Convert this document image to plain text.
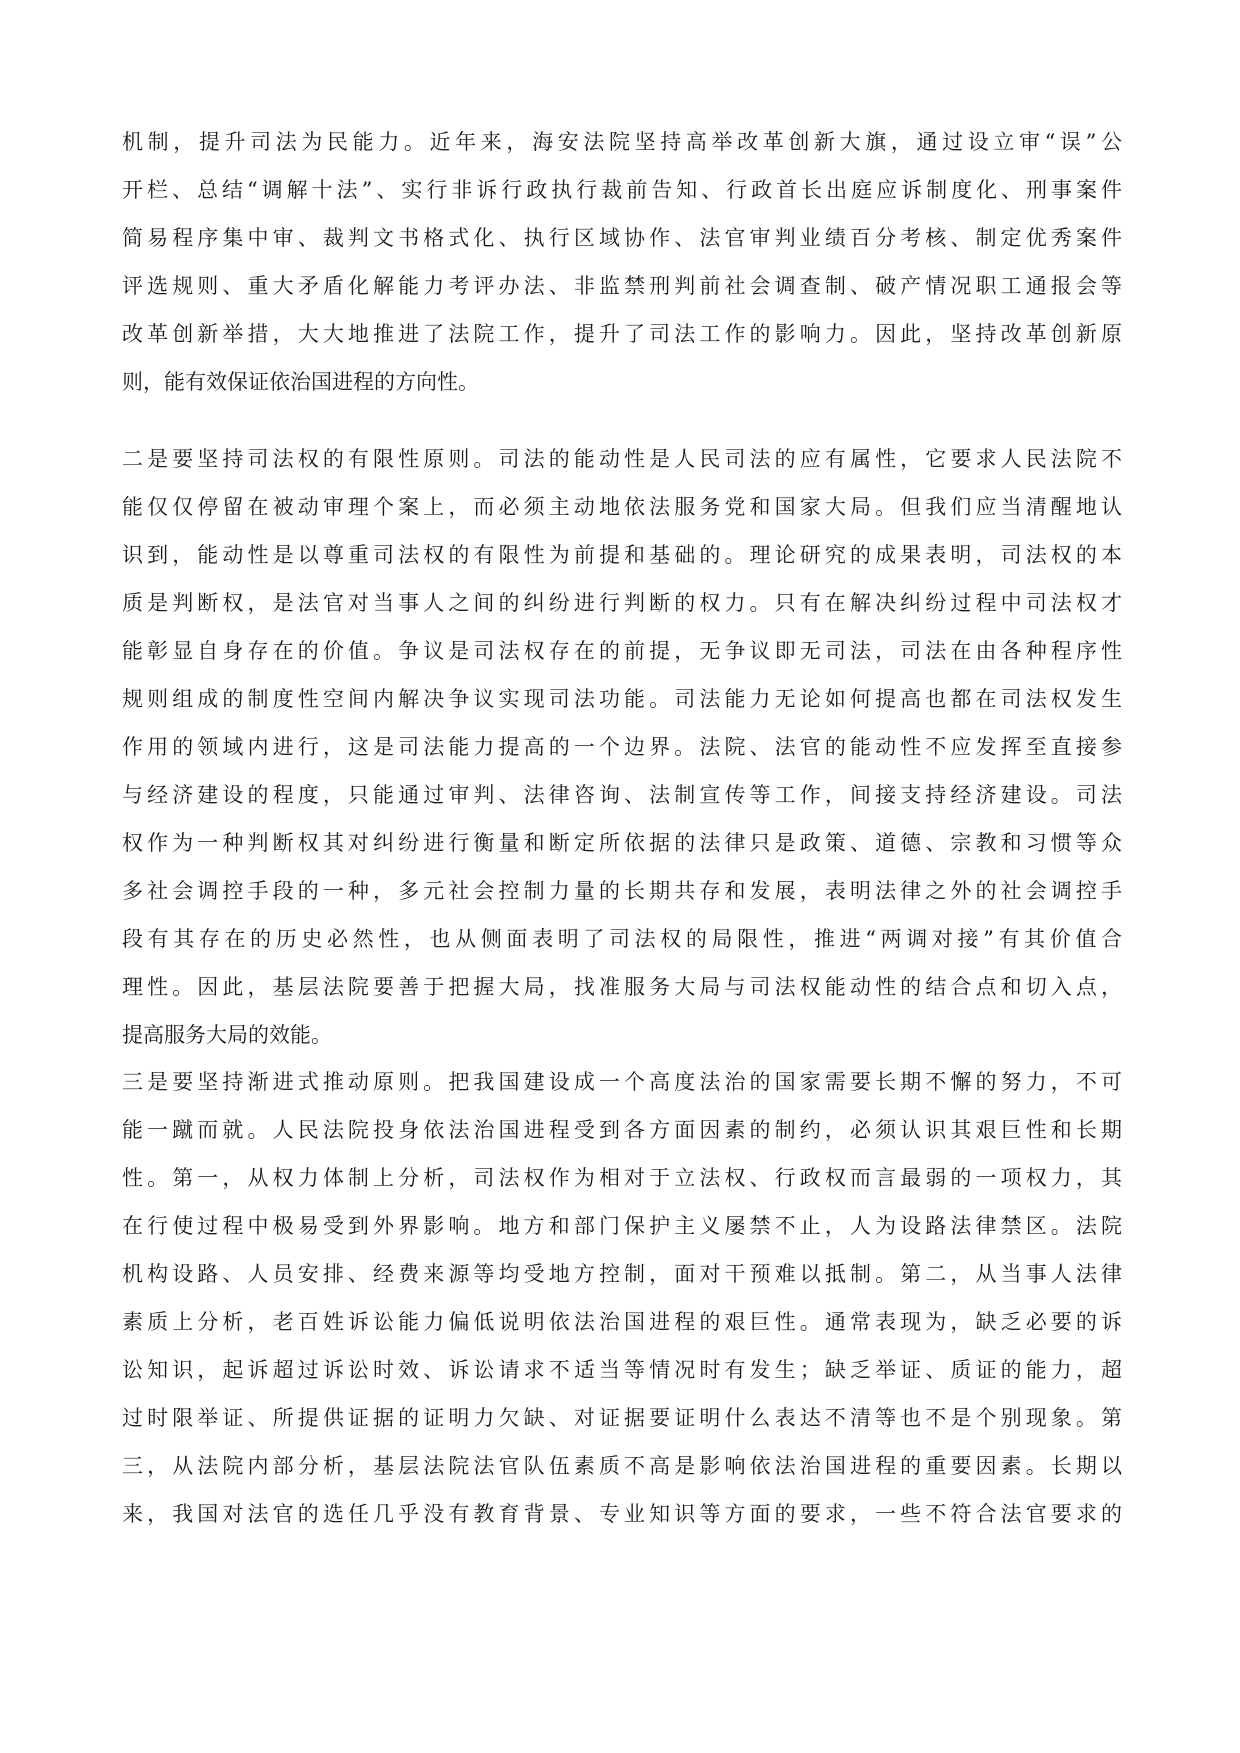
机制，提升司法为民能力。近年来，海安法院坚持高举改革创新大旗，通过设立审“误”公
开栏、总结“调解十法”、实行非诉行政执行裁前告知、行政首长出庭应诉制度化、刑事案件
简易程序集中审、裁判文书格式化、执行区域协作、法官审判业绩百分考核、制定优秀案件
评选规则、重大矛盾化解能力考评办法、非监禁刑判前社会调查制、破产情况职工通报会等
改革创新举措，大大地推进了法院工作，提升了司法工作的影响力。因此，坚持改革创新原
则，能有效保证依治国进程的方向性。
二是要坚持司法权的有限性原则。司法的能动性是人民司法的应有属性，它要求人民法院不
能仅仅停留在被动审理个案上，而必须主动地依法服务党和国家大局。但我们应当清醒地认
识到，能动性是以尊重司法权的有限性为前提和基础的。理论研究的成果表明，司法权的本
质是判断权，是法官对当事人之间的纠纷进行判断的权力。只有在解决纠纷过程中司法权才
能彰显自身存在的价值。争议是司法权存在的前提，无争议即无司法，司法在由各种程序性
规则组成的制度性空间内解决争议实现司法功能。司法能力无论如何提高也都在司法权发生
作用的领域内进行，这是司法能力提高的一个边界。法院、法官的能动性不应发挥至直接参
与经济建设的程度，只能通过审判、法律咨询、法制宣传等工作，间接支持经济建设。司法
权作为一种判断权其对纠纷进行衡量和断定所依据的法律只是政策、道德、宗教和习惯等众
多社会调控手段的一种，多元社会控制力量的长期共存和发展，表明法律之外的社会调控手
段有其存在的历史必然性，也从侧面表明了司法权的局限性，推进“两调对接”有其价值合
理性。因此，基层法院要善于把握大局，找准服务大局与司法权能动性的结合点和切入点，
提高服务大局的效能。
三是要坚持渐进式推动原则。把我国建设成一个高度法治的国家需要长期不懈的努力，不可
能一蹴而就。人民法院投身依法治国进程受到各方面因素的制约，必须认识其艰巨性和长期
性。第一，从权力体制上分析，司法权作为相对于立法权、行政权而言最弱的一项权力，其
在行使过程中极易受到外界影响。地方和部门保护主义屡禁不止，人为设路法律禁区。法院
机构设路、人员安排、经费来源等均受地方控制，面对干预难以抵制。第二，从当事人法律
素质上分析，老百姓诉讼能力偏低说明依法治国进程的艰巨性。通常表现为，缺乏必要的诉
讼知识，起诉超过诉讼时效、诉讼请求不适当等情况时有发生；缺乏举证、质证的能力，超
过时限举证、所提供证据的证明力欠缺、对证据要证明什么表达不清等也不是个别现象。第
三，从法院内部分析，基层法院法官队伍素质不高是影响依法治国进程的重要因素。长期以
来，我国对法官的选任几乎没有教育背景、专业知识等方面的要求，一些不符合法官要求的
